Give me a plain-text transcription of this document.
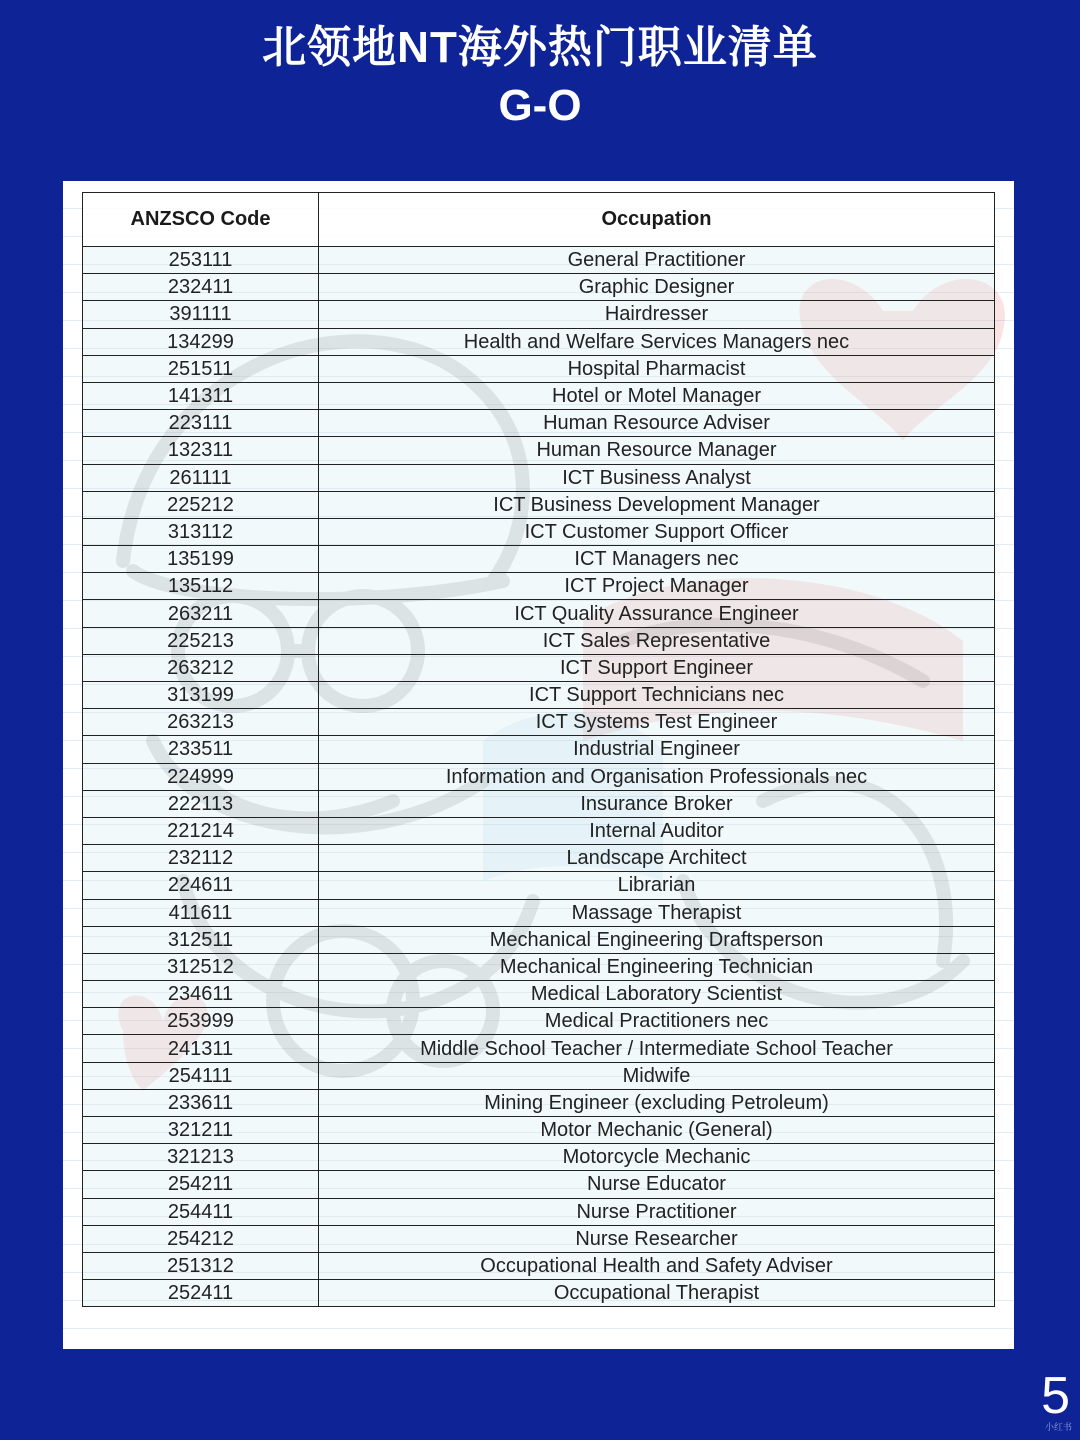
北领地NT海外热门职业清单
G-O
ANZSCO Code	Occupation
253111	General Practitioner
232411	Graphic Designer
391111	Hairdresser
134299	Health and Welfare Services Managers nec
251511	Hospital Pharmacist
141311	Hotel or Motel Manager
223111	Human Resource Adviser
132311	Human Resource Manager
261111	ICT Business Analyst
225212	ICT Business Development Manager
313112	ICT Customer Support Officer
135199	ICT Managers nec
135112	ICT Project Manager
263211	ICT Quality Assurance Engineer
225213	ICT Sales Representative
263212	ICT Support Engineer
313199	ICT Support Technicians nec
263213	ICT Systems Test Engineer
233511	Industrial Engineer
224999	Information and Organisation Professionals nec
222113	Insurance Broker
221214	Internal Auditor
232112	Landscape Architect
224611	Librarian
411611	Massage Therapist
312511	Mechanical Engineering Draftsperson
312512	Mechanical Engineering Technician
234611	Medical Laboratory Scientist
253999	Medical Practitioners nec
241311	Middle School Teacher / Intermediate School Teacher
254111	Midwife
233611	Mining Engineer (excluding Petroleum)
321211	Motor Mechanic (General)
321213	Motorcycle Mechanic
254211	Nurse Educator
254411	Nurse Practitioner
254212	Nurse Researcher
251312	Occupational Health and Safety Adviser
252411	Occupational Therapist
5
小红书
